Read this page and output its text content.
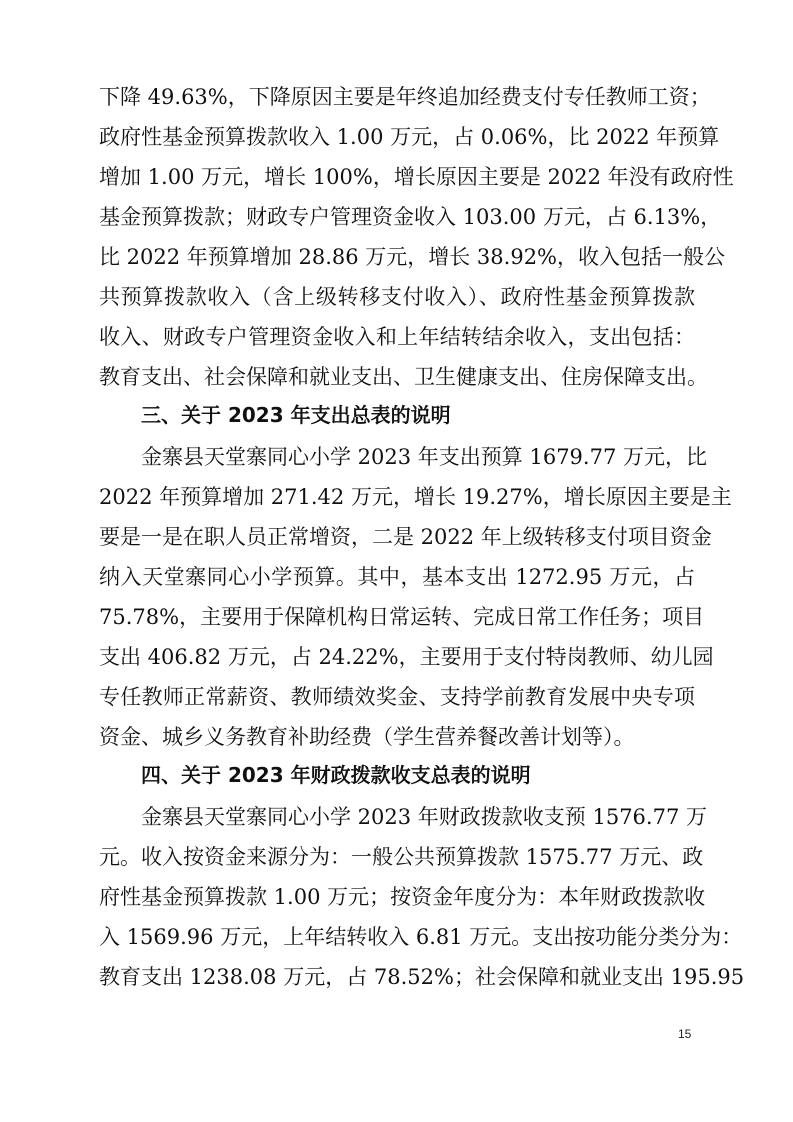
下降 49.63%，下降原因主要是年终追加经费支付专任教师工资；
政府性基金预算拨款收入 1.00 万元，占 0.06%，比 2022 年预算
增加 1.00 万元，增长 100%，增长原因主要是 2022 年没有政府性
基金预算拨款；财政专户管理资金收入 103.00 万元，占 6.13%，
比 2022 年预算增加 28.86 万元，增长 38.92%，收入包括一般公
共预算拨款收入（含上级转移支付收入）、政府性基金预算拨款
收入、财政专户管理资金收入和上年结转结余收入，支出包括：
教育支出、社会保障和就业支出、卫生健康支出、住房保障支出。
三、关于 2023 年支出总表的说明
金寨县天堂寨同心小学 2023 年支出预算 1679.77 万元，比
2022 年预算增加 271.42 万元，增长 19.27%，增长原因主要是主
要是一是在职人员正常增资，二是 2022 年上级转移支付项目资金
纳入天堂寨同心小学预算。其中，基本支出 1272.95 万元，占
75.78%，主要用于保障机构日常运转、完成日常工作任务；项目
支出 406.82 万元，占 24.22%，主要用于支付特岗教师、幼儿园
专任教师正常薪资、教师绩效奖金、支持学前教育发展中央专项
资金、城乡义务教育补助经费（学生营养餐改善计划等）。
四、关于 2023 年财政拨款收支总表的说明
金寨县天堂寨同心小学 2023 年财政拨款收支预 1576.77 万
元。收入按资金来源分为：一般公共预算拨款 1575.77 万元、政
府性基金预算拨款 1.00 万元；按资金年度分为：本年财政拨款收
入 1569.96 万元，上年结转收入 6.81 万元。支出按功能分类分为：
教育支出 1238.08 万元，占 78.52%；社会保障和就业支出 195.95
15
